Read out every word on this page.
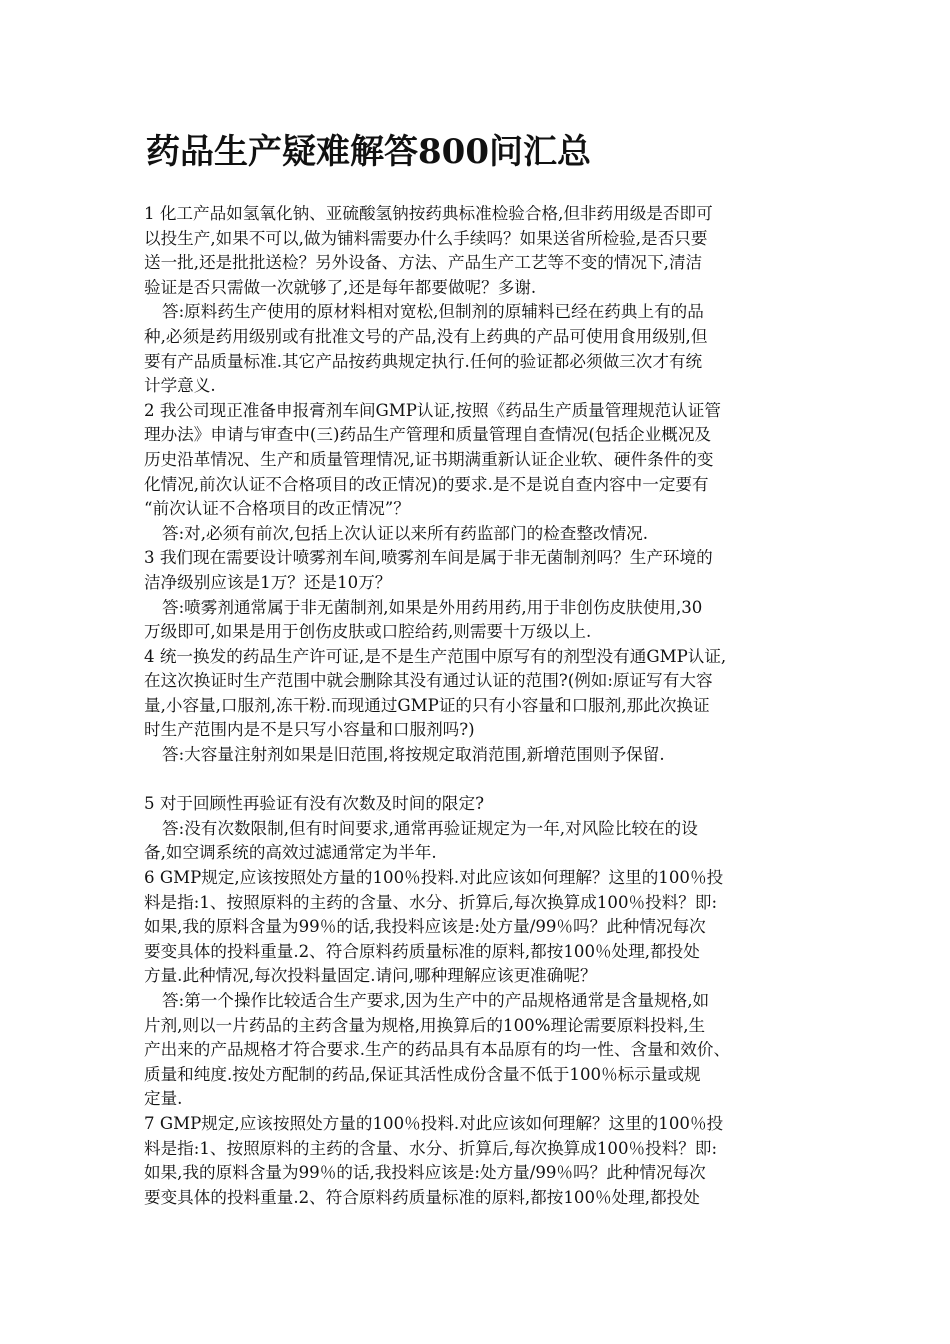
药品生产疑难解答800问汇总
1 化工产品如氢氧化钠、亚硫酸氢钠按药典标准检验合格,但非药用级是否即可
以投生产,如果不可以,做为铺料需要办什么手续吗？如果送省所检验,是否只要
送一批,还是批批送检？另外设备、方法、产品生产工艺等不变的情况下,清洁
验证是否只需做一次就够了,还是每年都要做呢？多谢.
答:原料药生产使用的原材料相对宽松,但制剂的原辅料已经在药典上有的品
种,必须是药用级别或有批准文号的产品,没有上药典的产品可使用食用级别,但
要有产品质量标准.其它产品按药典规定执行.任何的验证都必须做三次才有统
计学意义.
2 我公司现正准备申报膏剂车间GMP认证,按照《药品生产质量管理规范认证管
理办法》申请与审查中(三)药品生产管理和质量管理自查情况(包括企业概况及
历史沿革情况、生产和质量管理情况,证书期满重新认证企业软、硬件条件的变
化情况,前次认证不合格项目的改正情况)的要求.是不是说自查内容中一定要有
“前次认证不合格项目的改正情况”？
答:对,必须有前次,包括上次认证以来所有药监部门的检查整改情况.
3 我们现在需要设计喷雾剂车间,喷雾剂车间是属于非无菌制剂吗？生产环境的
洁净级别应该是1万？还是10万？
答:喷雾剂通常属于非无菌制剂,如果是外用药用药,用于非创伤皮肤使用,30
万级即可,如果是用于创伤皮肤或口腔给药,则需要十万级以上.
4 统一换发的药品生产许可证,是不是生产范围中原写有的剂型没有通GMP认证,
在这次换证时生产范围中就会删除其没有通过认证的范围?(例如:原证写有大容
量,小容量,口服剂,冻干粉.而现通过GMP证的只有小容量和口服剂,那此次换证
时生产范围内是不是只写小容量和口服剂吗?)
答:大容量注射剂如果是旧范围,将按规定取消范围,新增范围则予保留.
5 对于回顾性再验证有没有次数及时间的限定?
答:没有次数限制,但有时间要求,通常再验证规定为一年,对风险比较在的设
备,如空调系统的高效过滤通常定为半年.
6 GMP规定,应该按照处方量的100％投料.对此应该如何理解？这里的100％投
料是指:1、按照原料的主药的含量、水分、折算后,每次换算成100％投料？即:
如果,我的原料含量为99％的话,我投料应该是:处方量/99％吗？此种情况每次
要变具体的投料重量.2、符合原料药质量标准的原料,都按100％处理,都投处
方量.此种情况,每次投料量固定.请问,哪种理解应该更准确呢？
答:第一个操作比较适合生产要求,因为生产中的产品规格通常是含量规格,如
片剂,则以一片药品的主药含量为规格,用换算后的100%理论需要原料投料,生
产出来的产品规格才符合要求.生产的药品具有本品原有的均一性、含量和效价、
质量和纯度.按处方配制的药品,保证其活性成份含量不低于100％标示量或规
定量.
7 GMP规定,应该按照处方量的100％投料.对此应该如何理解？这里的100％投
料是指:1、按照原料的主药的含量、水分、折算后,每次换算成100％投料？即:
如果,我的原料含量为99％的话,我投料应该是:处方量/99％吗？此种情况每次
要变具体的投料重量.2、符合原料药质量标准的原料,都按100％处理,都投处
